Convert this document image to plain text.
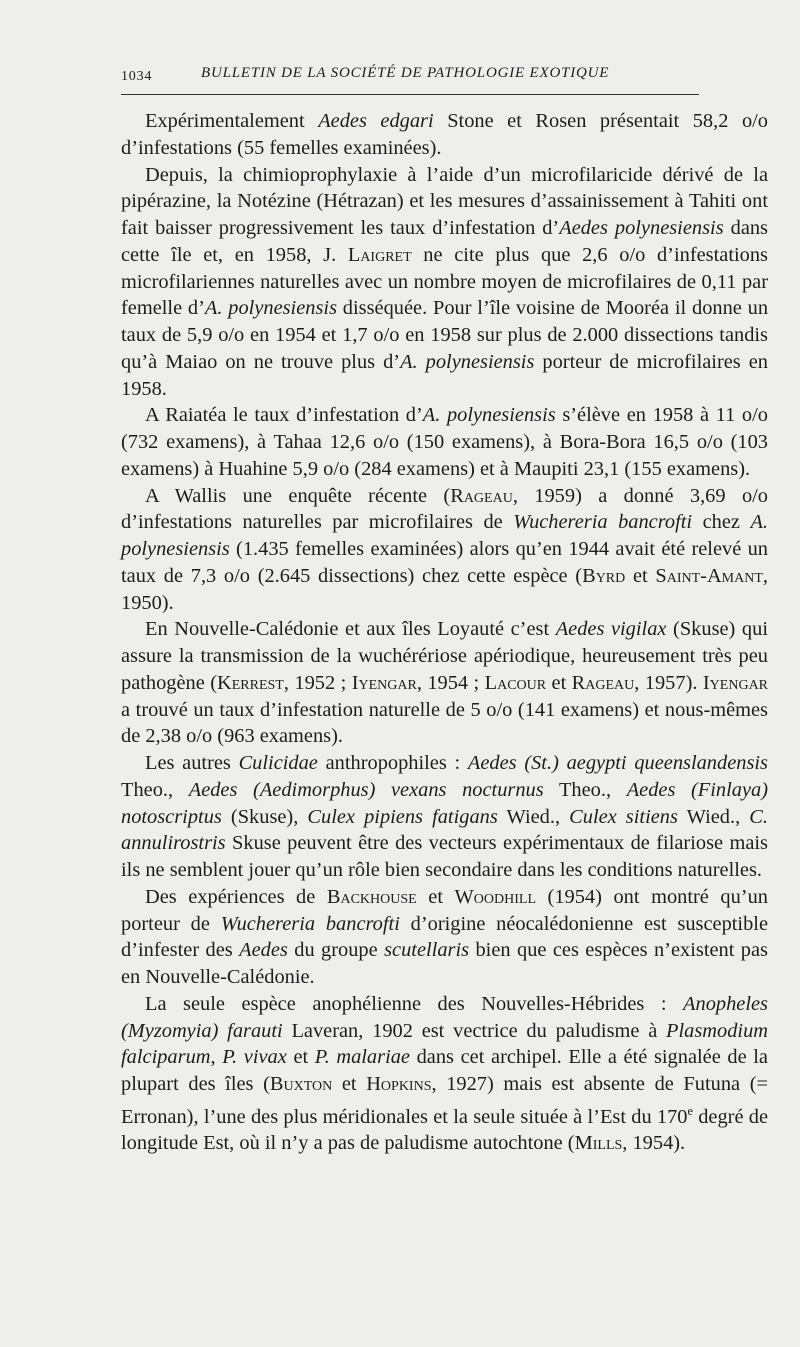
1034	BULLETIN DE LA SOCIÉTÉ DE PATHOLOGIE EXOTIQUE

Expérimentalement Aedes edgari Stone et Rosen présentait 58,2 o/o d’infestations (55 femelles examinées).

Depuis, la chimioprophylaxie à l’aide d’un microfilaricide dérivé de la pipérazine, la Notézine (Hétrazan) et les mesures d’assainissement à Tahiti ont fait baisser progressivement les taux d’infestation d’Aedes polynesiensis dans cette île et, en 1958, J. Laigret ne cite plus que 2,6 o/o d’infestations microfilariennes naturelles avec un nombre moyen de microfilaires de 0,11 par femelle d’A. polynesiensis disséquée. Pour l’île voisine de Mooréa il donne un taux de 5,9 o/o en 1954 et 1,7 o/o en 1958 sur plus de 2.000 dissections tandis qu’à Maiao on ne trouve plus d’A. polynesiensis porteur de microfilaires en 1958.

A Raiatéa le taux d’infestation d’A. polynesiensis s’élève en 1958 à 11 o/o (732 examens), à Tahaa 12,6 o/o (150 examens), à Bora-Bora 16,5 o/o (103 examens) à Huahine 5,9 o/o (284 examens) et à Maupiti 23,1 (155 examens).

A Wallis une enquête récente (Rageau, 1959) a donné 3,69 o/o d’infestations naturelles par microfilaires de Wuchereria bancrofti chez A. polynesiensis (1.435 femelles examinées) alors qu’en 1944 avait été relevé un taux de 7,3 o/o (2.645 dissections) chez cette espèce (Byrd et Saint-Amant, 1950).

En Nouvelle-Calédonie et aux îles Loyauté c’est Aedes vigilax (Skuse) qui assure la transmission de la wuchérériose apériodique, heureusement très peu pathogène (Kerrest, 1952 ; Iyengar, 1954 ; Lacour et Rageau, 1957). Iyengar a trouvé un taux d’infestation naturelle de 5 o/o (141 examens) et nous-mêmes de 2,38 o/o (963 examens).

Les autres Culicidae anthropophiles : Aedes (St.) aegypti queenslandensis Theo., Aedes (Aedimorphus) vexans nocturnus Theo., Aedes (Finlaya) notoscriptus (Skuse), Culex pipiens fatigans Wied., Culex sitiens Wied., C. annulirostris Skuse peuvent être des vecteurs expérimentaux de filariose mais ils ne semblent jouer qu’un rôle bien secondaire dans les conditions naturelles.

Des expériences de Backhouse et Woodhill (1954) ont montré qu’un porteur de Wuchereria bancrofti d’origine néocalédonienne est susceptible d’infester des Aedes du groupe scutellaris bien que ces espèces n’existent pas en Nouvelle-Calédonie.

La seule espèce anophélienne des Nouvelles-Hébrides : Anopheles (Myzomyia) farauti Laveran, 1902 est vectrice du paludisme à Plasmodium falciparum, P. vivax et P. malariae dans cet archipel. Elle a été signalée de la plupart des îles (Buxton et Hopkins, 1927) mais est absente de Futuna (= Erronan), l’une des plus méridionales et la seule située à l’Est du 170e degré de longitude Est, où il n’y a pas de paludisme autochtone (Mills, 1954).
